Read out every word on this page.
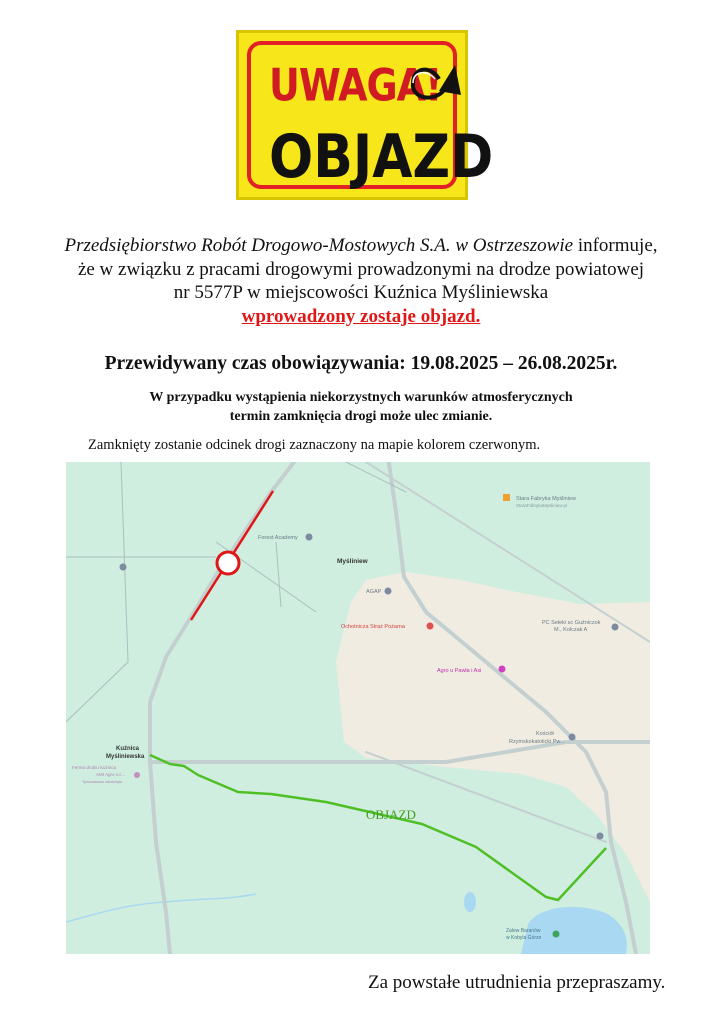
UWAGA!
OBJAZD
Przedsiębiorstwo Robót Drogowo-Mostowych S.A. w Ostrzeszowie informuje,
że w związku z pracami drogowymi prowadzonymi na drodze powiatowej
nr 5577P w miejscowości Kuźnica Myśliniewska
wprowadzony zostaje objazd.
Przewidywany czas obowiązywania: 19.08.2025 – 26.08.2025r.
W przypadku wystąpienia niekorzystnych warunków atmosferycznych
termin zamknięcia drogi może ulec zmianie.
Zamknięty zostanie odcinek drogi zaznaczony na mapie kolorem czerwonym.
OBJAZD
Forest Academy
Myśliniew
AGAP
Ochotnicza Straż Pożarna
Agro u Pawła i Asi
Kościół
Rzymskokatolicki Pw...
PC Sełeki sc Guźniczok
M., Kolczak A
Stara Fabryka Myśliniew
StaraFabrykaMysliniew.pl
Kuźnica
Myśliniewska
Ferma drobiu Kuźnica
AMI Agro s.c...
Tymczasowo zamknięte
Zalew Baranów
w Kobyla Górze
Za powstałe utrudnienia przepraszamy.
